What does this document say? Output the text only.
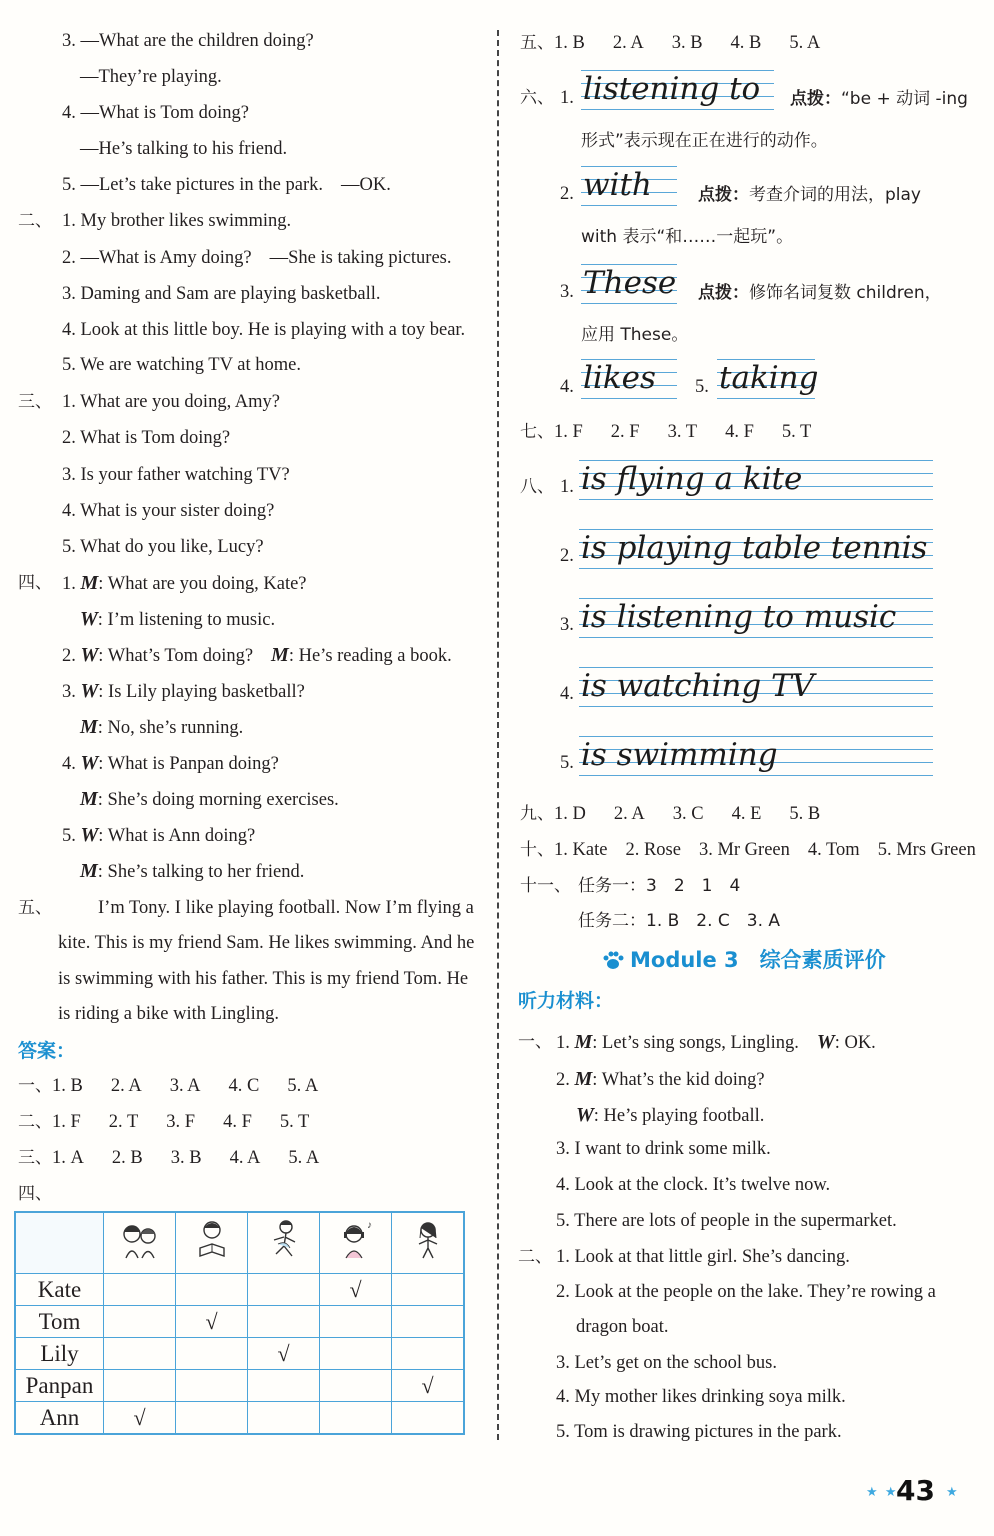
3. —What are the children doing?
—They’re playing.
4. —What is Tom doing?
—He’s talking to his friend.
5. —Let’s take pictures in the park. —OK.
二、 1. My brother likes swimming.
2. —What is Amy doing? —She is taking pictures.
3. Daming and Sam are playing basketball.
4. Look at this little boy. He is playing with a toy bear.
5. We are watching TV at home.
三、 1. What are you doing, Amy?
2. What is Tom doing?
3. Is your father watching TV?
4. What is your sister doing?
5. What do you like, Lucy?
四、 1. M: What are you doing, Kate?
W: I’m listening to music.
2. W: What’s Tom doing? M: He’s reading a book.
3. W: Is Lily playing basketball?
M: No, she’s running.
4. W: What is Panpan doing?
M: She’s doing morning exercises.
5. W: What is Ann doing?
M: She’s talking to her friend.
五、 I’m Tony. I like playing football. Now I’m flying a
kite. This is my friend Sam. He likes swimming. And he
is swimming with his father. This is my friend Tom. He
is riding a bike with Lingling.
答案：
一、1. B 2. A 3. A 4. C 5. A
二、1. F 2. T 3. F 4. F 5. T
三、1. A 2. B 3. B 4. A 5. A
四、

♪

Kate				√	
Tom		√			
Lily			√		
Panpan					√
Ann	√				
五、1. B 2. A 3. B 4. B 5. A
六、 1. listening to	点拨：“be + 动词 -ing
形式”表示现在正在进行的动作。
2. with	点拨：考查介词的用法，play
with 表示“和……一起玩”。
3. These 点拨：修饰名词复数 children，
应用 These。
4. likes	5. taking
七、1. F 2. F 3. T 4. F 5. T
八、 1. is flying a kite
2. is playing table tennis
3. is listening to music
4. is watching TV
5. is swimming
九、1. D 2. A 3. C 4. E 5. B
十、1. Kate 2. Rose 3. Mr Green 4. Tom 5. Mrs Green
十一、 任务一：3　2　1　4
任务二：1. B　2. C　3. A
Module 3　综合素质评价
听力材料：
一、 1. M: Let’s sing songs, Lingling. W: OK.
2. M: What’s the kid doing?
W: He’s playing football.
3. I want to drink some milk.
4. Look at the clock. It’s twelve now.
5. There are lots of people in the supermarket.
二、 1. Look at that little girl. She’s dancing.
2. Look at the people on the lake. They’re rowing a
dragon boat.
3. Let’s get on the school bus.
4. My mother likes drinking soya milk.
5. Tom is drawing pictures in the park.
★ ★
43 ★
